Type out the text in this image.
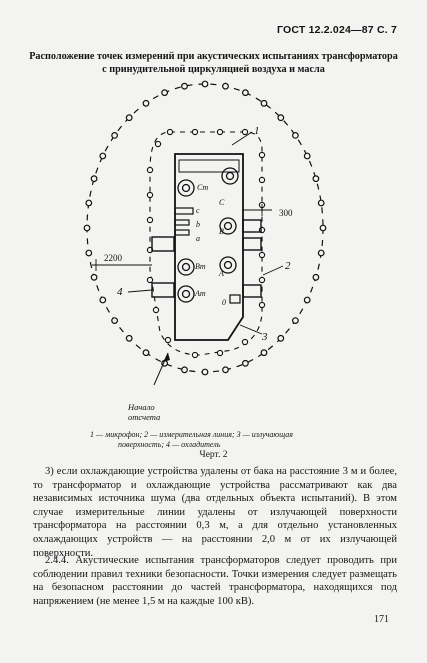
ГОСТ 12.2.024—87 С. 7
Расположение точек измерений при акустических испытаниях трансформатора
с принудительной циркуляцией воздуха и масла
Cm
c
b
a
Bm
Am
C
B
A
0
300
2200
1
2
3
4
Начало
отсчета
1 — микрофон; 2 — измерительная линия; 3 — излучающая
поверхность; 4 — охладитель
Черт. 2

3) если охлаждающие устройства удалены от бака на расстояние 3 м и более, то трансформатор и охлаждающие устройства рассматривают как два независимых источника шума (два отдельных объекта испытаний). В этом случае измерительные линии удалены от излучающей поверхности трансформатора на расстоянии 0,3 м, а для отдельно установленных охлаждающих устройств — на расстоянии 2,0 м от их излучающей поверхности.

2.4.4. Акустические испытания трансформаторов следует проводить при соблюдении правил техники безопасности. Точки измерения следует размещать на безопасном расстоянии до частей трансформатора, находящихся под напряжением (не менее 1,5 м на каждые 100 кВ).

171
